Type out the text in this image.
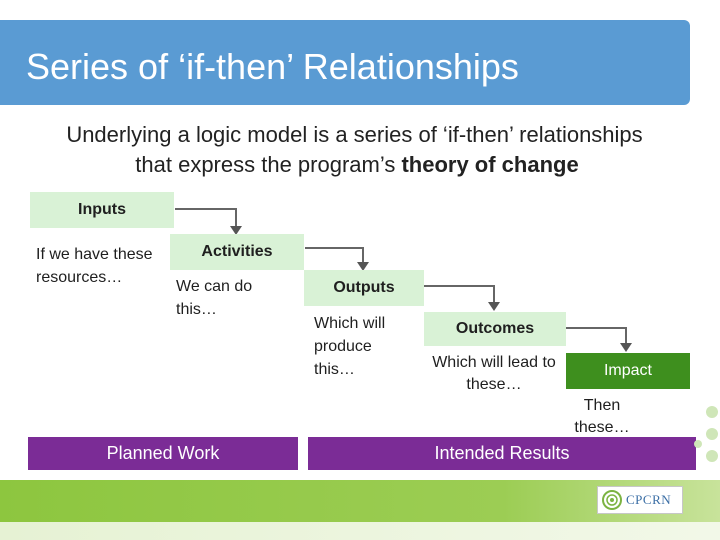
Series of ‘if-then’ Relationships
Underlying a logic model is a series of ‘if-then’ relationships
that express the program’s theory of change
Inputs
If we have these resources…
Activities
We can do this…
Outputs
Which will produce this…
Outcomes
Which will lead to these…
Impact
Then these…
Planned Work	Intended Results
CPCRN
